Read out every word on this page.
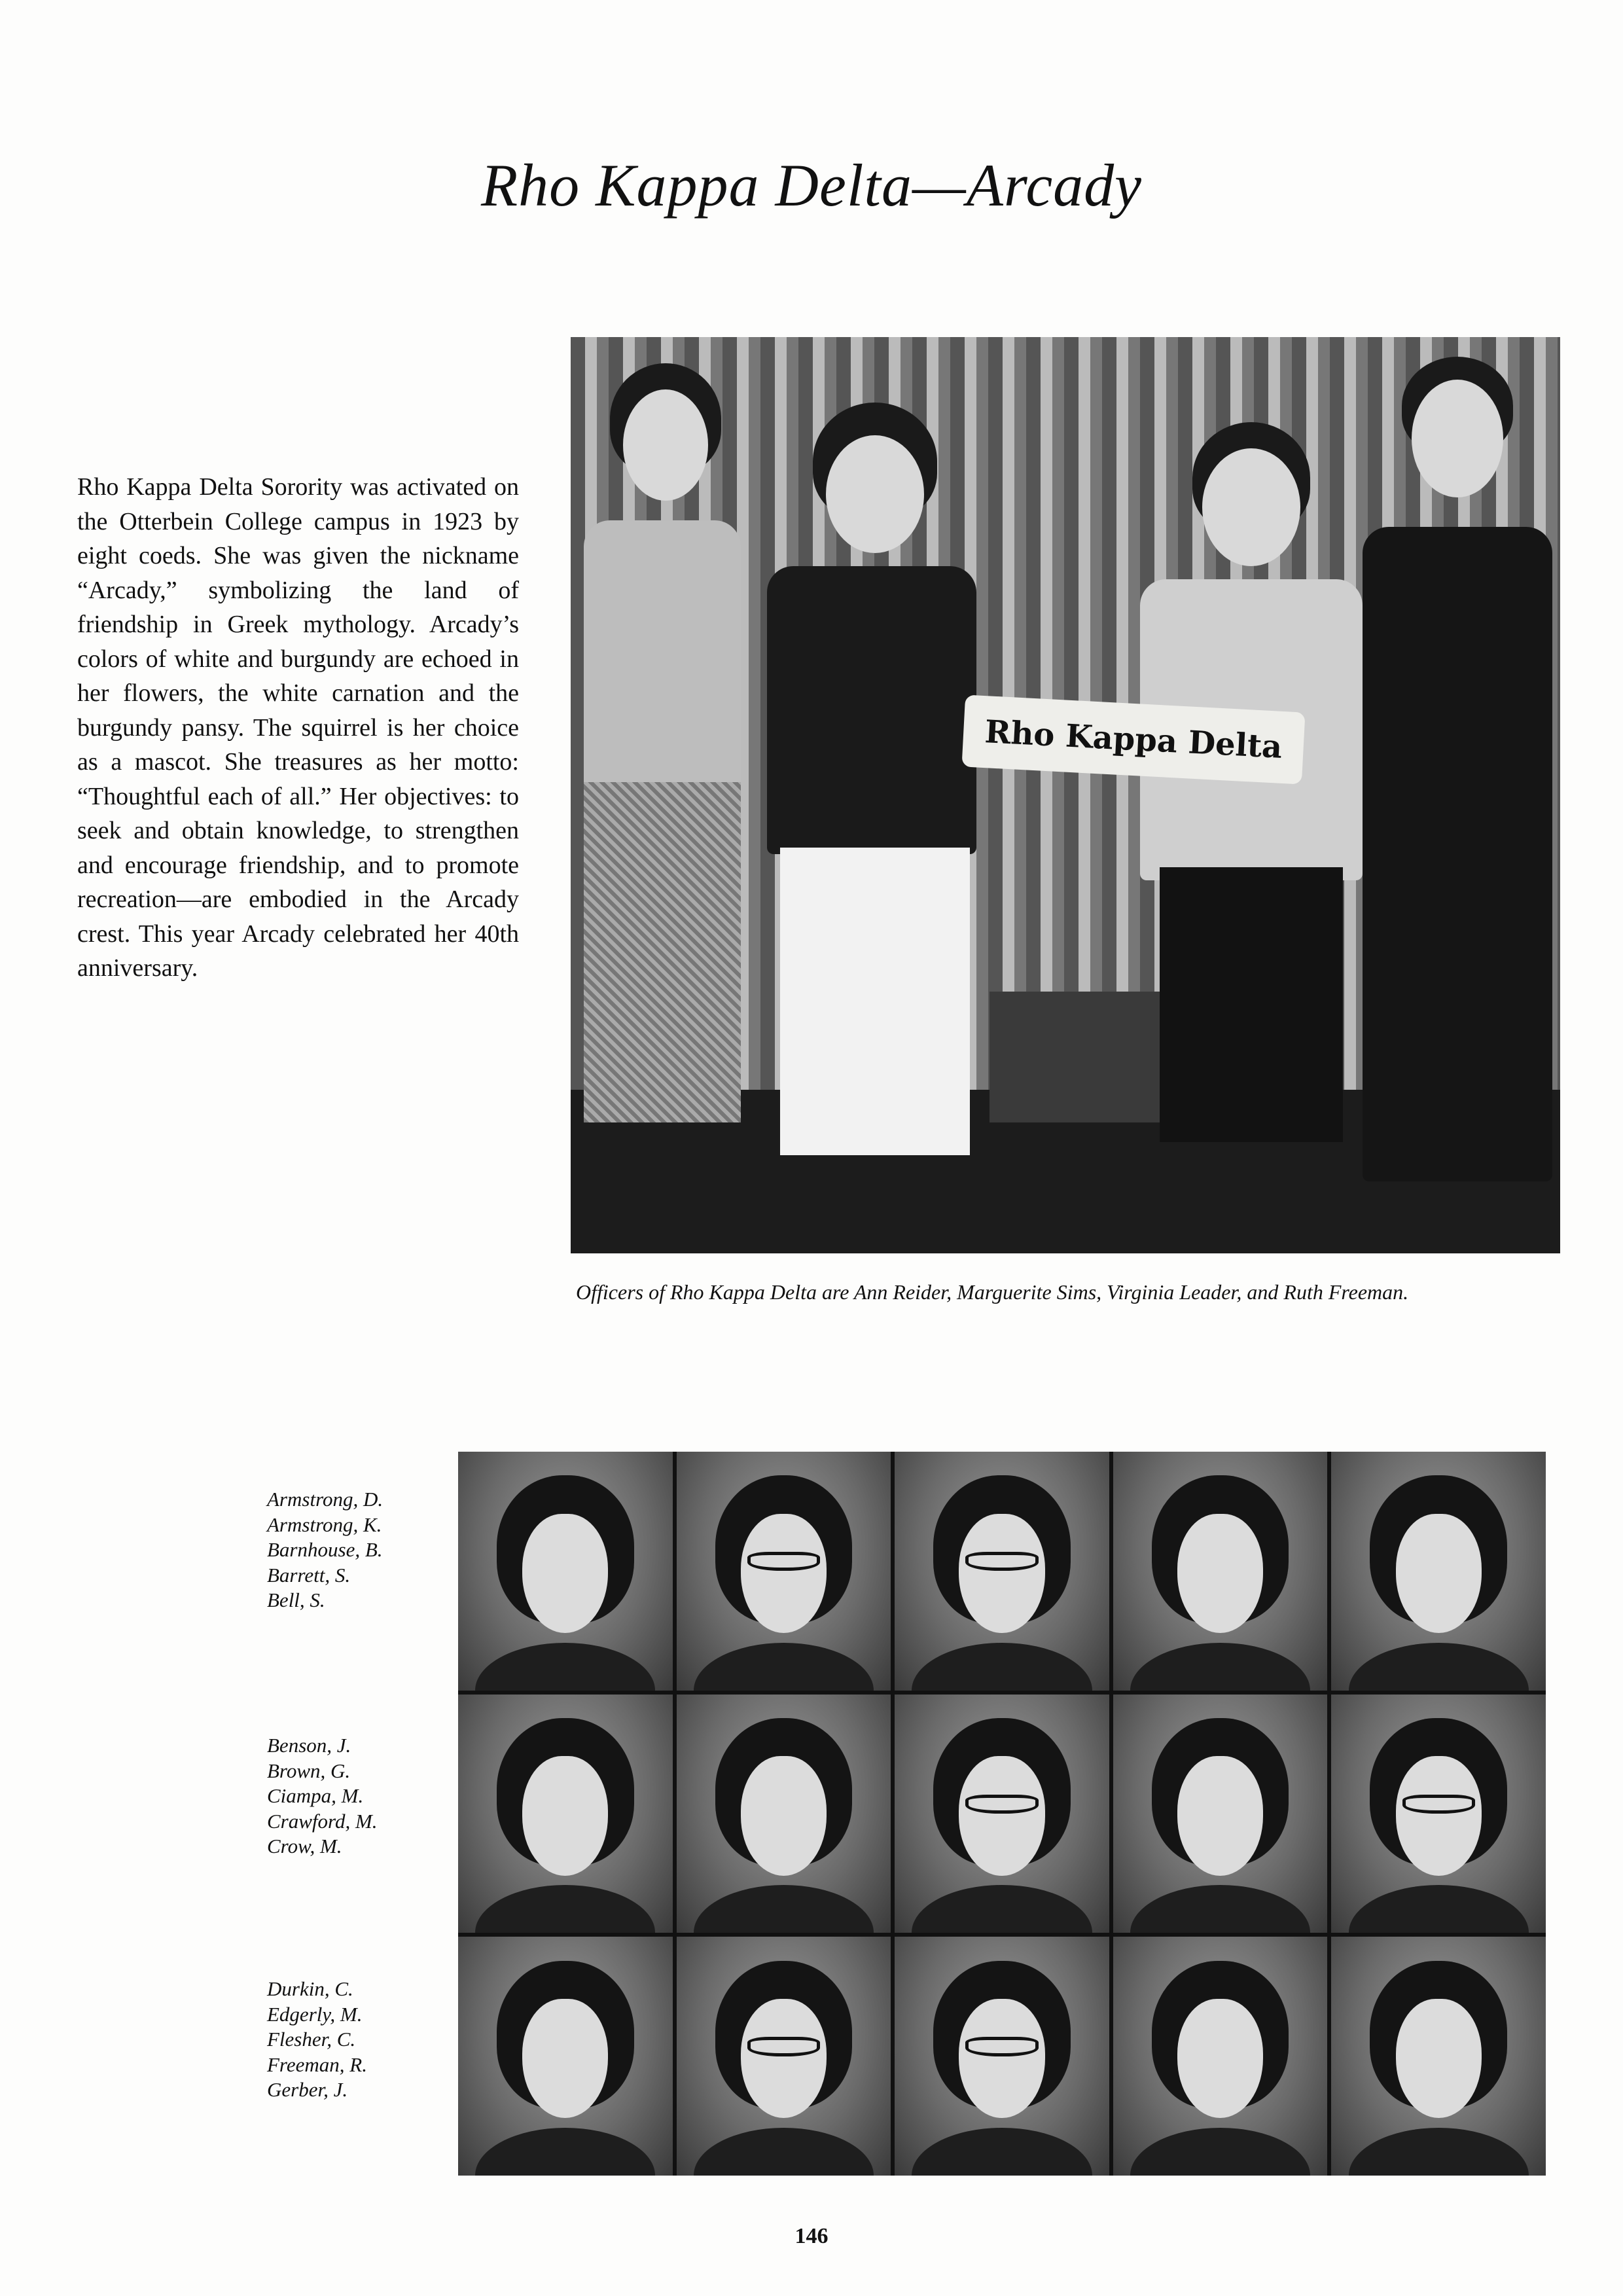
Rho Kappa Delta—Arcady
Rho Kappa Delta Sorority was activated on the Otterbein College campus in 1923 by eight coeds. She was given the nickname “Arcady,” symbolizing the land of friendship in Greek mythology. Arcady’s colors of white and burgundy are echoed in her flowers, the white carnation and the burgundy pansy. The squirrel is her choice as a mascot. She treasures as her motto: “Thoughtful each of all.” Her objectives: to seek and obtain knowledge, to strengthen and encourage friendship, and to promote recreation—are embodied in the Arcady crest. This year Arcady celebrated her 40th anniversary.
Rho Kappa Delta
Officers of Rho Kappa Delta are Ann Reider, Marguerite Sims, Virginia Leader, and Ruth Freeman.
Armstrong, D.
Armstrong, K.
Barnhouse, B.
Barrett, S.
Bell, S.
Benson, J.
Brown, G.
Ciampa, M.
Crawford, M.
Crow, M.
Durkin, C.
Edgerly, M.
Flesher, C.
Freeman, R.
Gerber, J.
146
